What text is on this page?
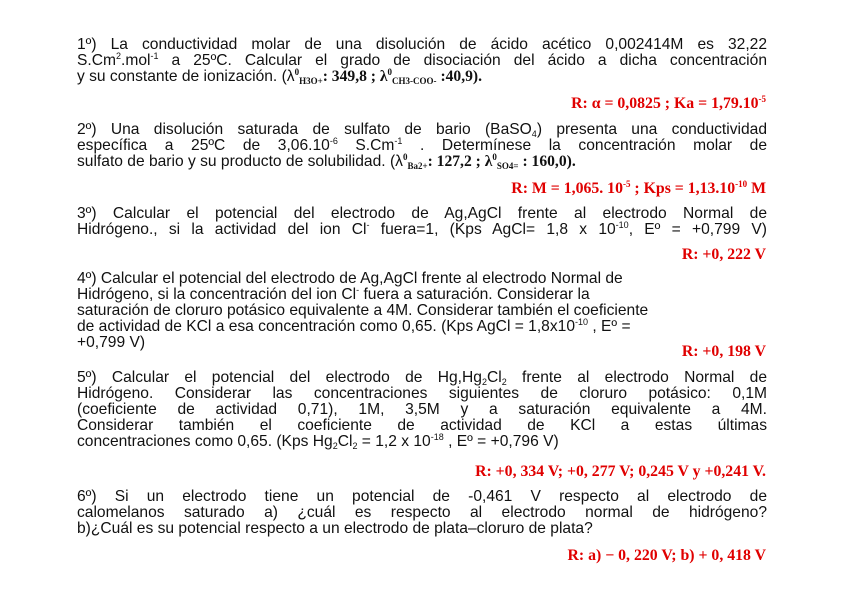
1º) La conductividad molar de una disolución de ácido acético 0,002414M es 32,22
S.Cm$^2$.mol$^{-1}$ a 25ºC. Calcular el grado de disociación del ácido a dicha concentración
y su constante de ionización. ($\lambda^0_{H3O+}$: 349,8 ; $\lambda^0_{CH3-COO-}$ :40,9).
R: α = 0,0825 ; $Ka = 1,79.10^{-5}$
2º) Una disolución saturada de sulfato de bario (BaSO$_4$) presenta una conductividad
específica a 25ºC de $3,06.10^{-6}$ $S.Cm^{-1}$ . Determínese la concentración molar de
sulfato de bario y su producto de solubilidad. ($\lambda^0_{Ba2+}$: 127,2 ; $\lambda^0_{SO4=}$ : 160,0).
R: M = 1,065. $10^{-5}$ ; Kps = $1,13.10^{-10}$ M
3º) Calcular el potencial del electrodo de Ag,AgCl frente al electrodo Normal de
Hidrógeno., si la actividad del ion Cl- fuera=1, (Kps AgCl= 1,8 x $10^{-10}$, Eº = +0,799 V)
R: +0, 222 V
4º) Calcular el potencial del electrodo de Ag,AgCl frente al electrodo Normal de
Hidrógeno, si la concentración del ion Cl- fuera a saturación. Considerar la
saturación de cloruro potásico equivalente a 4M. Considerar también el coeficiente
de actividad de KCl a esa concentración como 0,65. (Kps AgCl = $1,8x10^{-10}$ , Eº =
+0,799 V)
R: +0, 198 V
5º) Calcular el potencial del electrodo de $Hg,Hg_2Cl_2$ frente al electrodo Normal de
Hidrógeno. Considerar las concentraciones siguientes de cloruro potásico: 0,1M
(coeficiente de actividad 0,71), 1M, 3,5M y a saturación equivalente a 4M.
Considerar también el coeficiente de actividad de KCl a estas últimas
concentraciones como 0,65. (Kps $Hg_2Cl_2 = 1,2$ x $10^{-18}$ , Eº = +0,796 V)
R: +0, 334 V; +0, 277 V; 0,245 V y +0,241 V.
6º) Si un electrodo tiene un potencial de -0,461 V respecto al electrodo de
calomelanos saturado a) ¿cuál es respecto al electrodo normal de hidrógeno?
b)¿Cuál es su potencial respecto a un electrodo de plata–cloruro de plata?
R: a) − 0, 220 V; b) + 0, 418 V
